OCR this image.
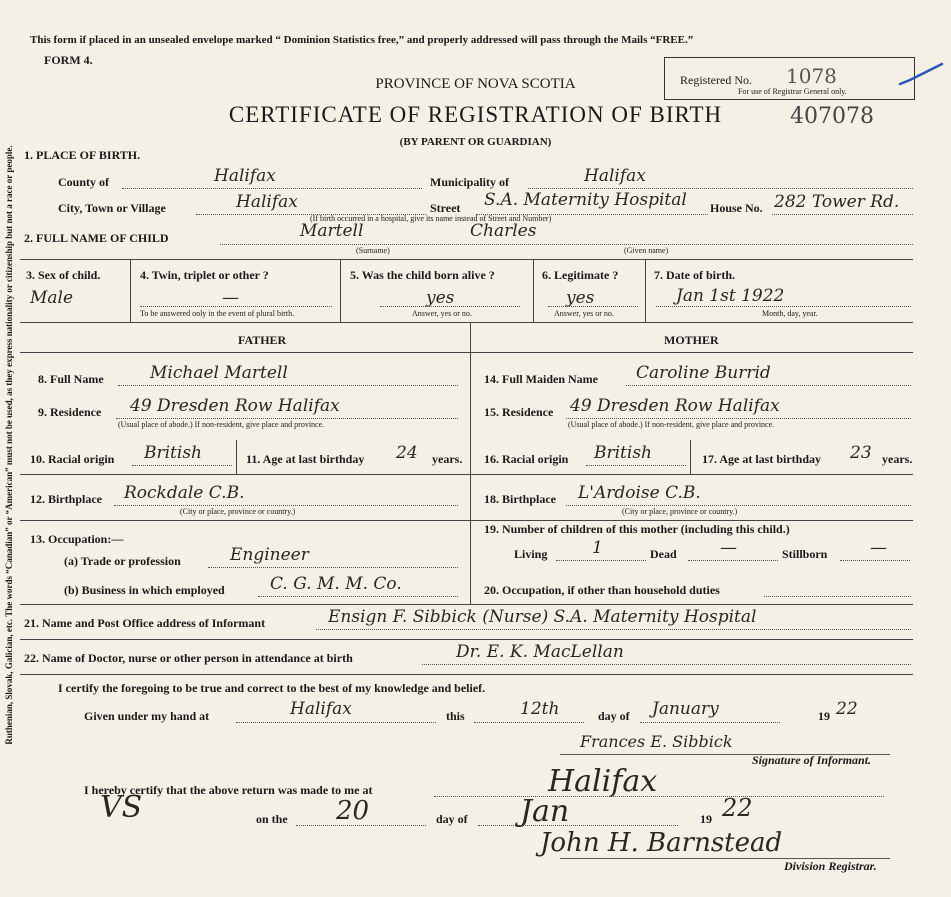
Ruthenian, Slovak, Galician, etc. The words “Canadian” or “American” must not be used, as they express nationality or citizenship but not a race or people.
This form if placed in an unsealed envelope marked “ Dominion Statistics free,” and properly addressed will pass through the Mails “FREE.”
FORM 4.
Registered No. 1078
For use of Registrar General only.
PROVINCE OF NOVA SCOTIA
CERTIFICATE OF REGISTRATION OF BIRTH	407078
(BY PARENT OR GUARDIAN)
1. PLACE OF BIRTH.
County of	Halifax	Municipality of	Halifax
City, Town or Village	Halifax	Street S.A. Maternity Hospital
(If birth occurred in a hospital, give its name instead of Street and Number)
House No. 282 Tower Rd.
2. FULL NAME OF CHILD	Martell	Charles
(Surname)	(Given name)
3. Sex of child.
Male
4. Twin, triplet or other ?
—
To be answered only in the event of plural birth.
5. Was the child born alive ?
yes
Answer, yes or no.
6. Legitimate ?
yes
Answer, yes or no.
7. Date of birth.
Jan 1st 1922
Month, day, year.
FATHER	MOTHER
8. Full Name	Michael Martell
9. Residence 49 Dresden Row Halifax
(Usual place of abode.) If non-resident, give place and province.
10. Racial origin British	11. Age at last birthday 24 years.
12. Birthplace Rockdale C.B.
(City or place, province or country.)
13. Occupation:—
(a) Trade or profession	Engineer
(b) Business in which employed	C. G. M. M. Co.
14. Full Maiden Name Caroline Burrid
15. Residence 49 Dresden Row Halifax
(Usual place of abode.) If non-resident, give place and province.
16. Racial origin British	17. Age at last birthday 23 years.
18. Birthplace L'Ardoise C.B.
(City or place, province or country.)
19. Number of children of this mother (including this child.)
Living	1	Dead	—	Stillborn	—
20. Occupation, if other than household duties
21. Name and Post Office address of Informant	Ensign F. Sibbick (Nurse) S.A. Maternity Hospital
22. Name of Doctor, nurse or other person in attendance at birth	Dr. E. K. MacLellan
I certify the foregoing to be true and correct to the best of my knowledge and belief.
Given under my hand at	Halifax	this	12th	day of January	19 22
Frances E. Sibbick
Signature of Informant.
I hereby certify that the above return was made to me at	Halifax
VS	on the 20	day of Jan	19 22
John H. Barnstead
Division Registrar.
